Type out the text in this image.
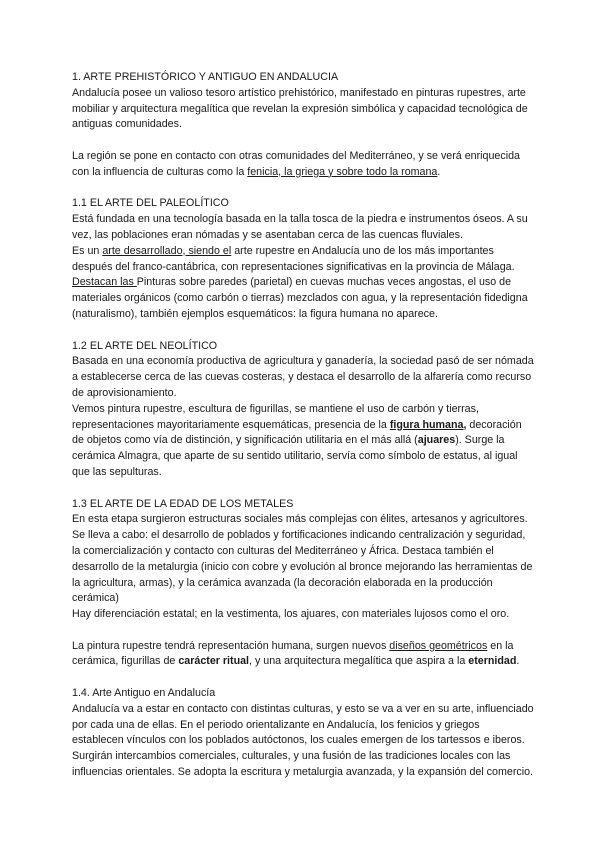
1. ARTE PREHISTÓRICO Y ANTIGUO EN ANDALUCIA

Andalucía posee un valioso tesoro artístico prehistórico, manifestado en pinturas rupestres, arte mobiliar y arquitectura megalítica que revelan la expresión simbólica y capacidad tecnológica de antiguas comunidades.

La región se pone en contacto con otras comunidades del Mediterráneo, y se verá enriquecida con la influencia de culturas como la fenicia, la griega y sobre todo la romana.

1.1 EL ARTE DEL PALEOLÍTICO

Está fundada en una tecnología basada en la talla tosca de la piedra e instrumentos óseos. A su vez, las poblaciones eran nómadas y se asentaban cerca de las cuencas fluviales.

Es un arte desarrollado, siendo el arte rupestre en Andalucía uno de los más importantes después del franco-cantábrica, con representaciones significativas en la provincia de Málaga. Destacan las Pinturas sobre paredes (parietal) en cuevas muchas veces angostas, el uso de materiales orgánicos (como carbón o tierras) mezclados con agua, y la representación fidedigna (naturalismo), también ejemplos esquemáticos: la figura humana no aparece.

1.2 EL ARTE DEL NEOLÍTICO

Basada en una economía productiva de agricultura y ganadería, la sociedad pasó de ser nómada a establecerse cerca de las cuevas costeras, y destaca el desarrollo de la alfarería como recurso de aprovisionamiento.

Vemos pintura rupestre, escultura de figurillas, se mantiene el uso de carbón y tierras, representaciones mayoritariamente esquemáticas, presencia de la figura humana, decoración de objetos como vía de distinción, y significación utilitaria en el más allá (ajuares). Surge la cerámica Almagra, que aparte de su sentido utilitario, servía como símbolo de estatus, al igual que las sepulturas.

1.3 EL ARTE DE LA EDAD DE LOS METALES

En esta etapa surgieron estructuras sociales más complejas con élites, artesanos y agricultores. Se lleva a cabo: el desarrollo de poblados y fortificaciones indicando centralización y seguridad, la comercialización y contacto con culturas del Mediterráneo y África. Destaca también el desarrollo de la metalurgia (inicio con cobre y evolución al bronce mejorando las herramientas de la agricultura, armas), y la cerámica avanzada (la decoración elaborada en la producción cerámica)

Hay diferenciación estatal; en la vestimenta, los ajuares, con materiales lujosos como el oro.

La pintura rupestre tendrá representación humana, surgen nuevos diseños geométricos en la cerámica, figurillas de carácter ritual, y una arquitectura megalítica que aspira a la eternidad.

1.4. Arte Antiguo en Andalucía

Andalucía va a estar en contacto con distintas culturas, y esto se va a ver en su arte, influenciado por cada una de ellas. En el periodo orientalizante en Andalucía, los fenicios y griegos establecen vínculos con los poblados autóctonos, los cuales emergen de los tartessos e iberos. Surgirán intercambios comerciales, culturales, y una fusión de las tradiciones locales con las influencias orientales. Se adopta la escritura y metalurgia avanzada, y la expansión del comercio.
